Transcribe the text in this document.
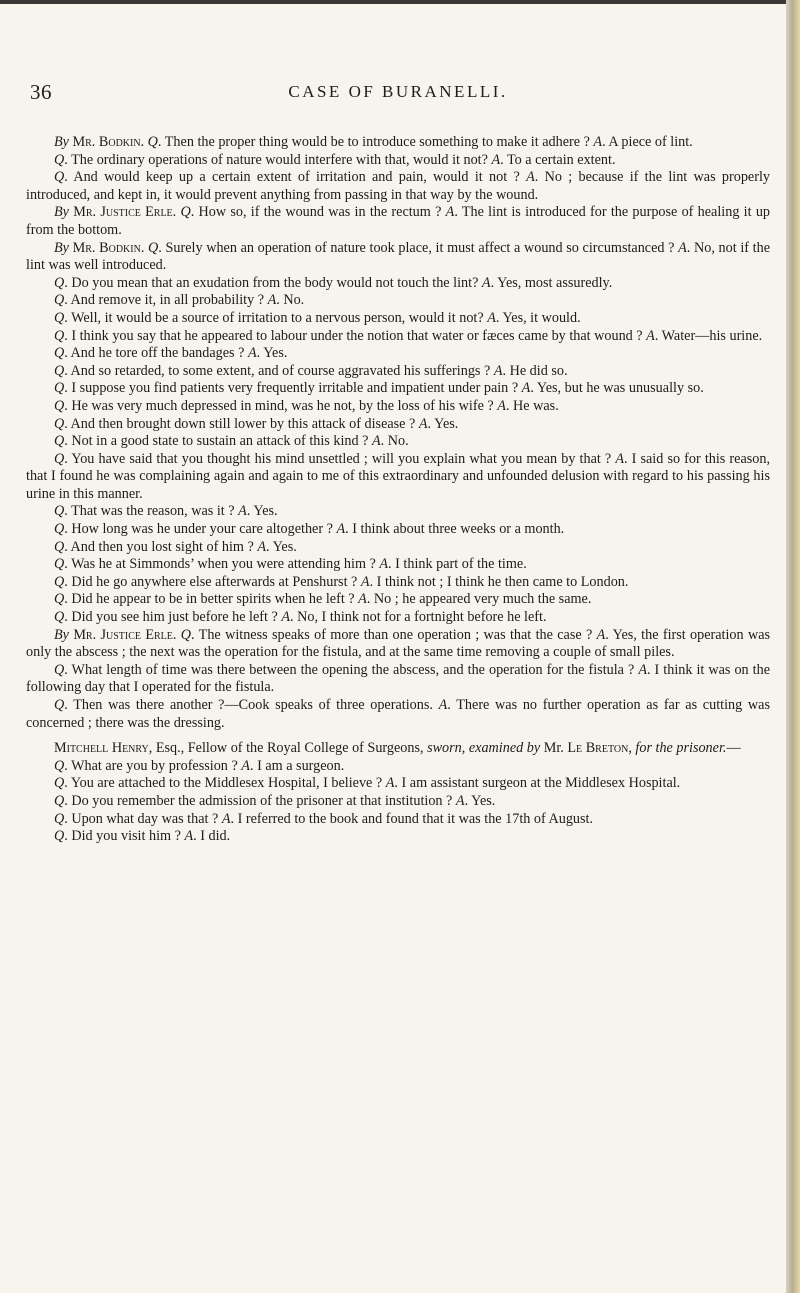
36	CASE OF BURANELLI.

By Mr. Bodkin. Q. Then the proper thing would be to introduce something to make it adhere ? A. A piece of lint.

Q. The ordinary operations of nature would interfere with that, would it not? A. To a certain extent.

Q. And would keep up a certain extent of irritation and pain, would it not ? A. No ; because if the lint was properly introduced, and kept in, it would prevent anything from passing in that way by the wound.

By Mr. Justice Erle. Q. How so, if the wound was in the rectum ? A. The lint is introduced for the purpose of healing it up from the bottom.

By Mr. Bodkin. Q. Surely when an operation of nature took place, it must affect a wound so circumstanced ? A. No, not if the lint was well introduced.

Q. Do you mean that an exudation from the body would not touch the lint? A. Yes, most assuredly.

Q. And remove it, in all probability ? A. No.

Q. Well, it would be a source of irritation to a nervous person, would it not? A. Yes, it would.

Q. I think you say that he appeared to labour under the notion that water or fæces came by that wound ? A. Water—his urine.

Q. And he tore off the bandages ? A. Yes.

Q. And so retarded, to some extent, and of course aggravated his sufferings ? A. He did so.

Q. I suppose you find patients very frequently irritable and impatient under pain ? A. Yes, but he was unusually so.

Q. He was very much depressed in mind, was he not, by the loss of his wife ? A. He was.

Q. And then brought down still lower by this attack of disease ? A. Yes.

Q. Not in a good state to sustain an attack of this kind ? A. No.

Q. You have said that you thought his mind unsettled ; will you explain what you mean by that ? A. I said so for this reason, that I found he was complaining again and again to me of this extraordinary and unfounded delusion with regard to his passing his urine in this manner.

Q. That was the reason, was it ? A. Yes.

Q. How long was he under your care altogether ? A. I think about three weeks or a month.

Q. And then you lost sight of him ? A. Yes.

Q. Was he at Simmonds’ when you were attending him ? A. I think part of the time.

Q. Did he go anywhere else afterwards at Penshurst ? A. I think not ; I think he then came to London.

Q. Did he appear to be in better spirits when he left ? A. No ; he appeared very much the same.

Q. Did you see him just before he left ? A. No, I think not for a fortnight before he left.

By Mr. Justice Erle. Q. The witness speaks of more than one operation ; was that the case ? A. Yes, the first operation was only the abscess ; the next was the operation for the fistula, and at the same time removing a couple of small piles.

Q. What length of time was there between the opening the abscess, and the operation for the fistula ? A. I think it was on the following day that I operated for the fistula.

Q. Then was there another ?—Cook speaks of three operations. A. There was no further operation as far as cutting was concerned ; there was the dressing.

Mitchell Henry, Esq., Fellow of the Royal College of Surgeons, sworn, examined by Mr. Le Breton, for the prisoner.—

Q. What are you by profession ? A. I am a surgeon.

Q. You are attached to the Middlesex Hospital, I believe ? A. I am assistant surgeon at the Middlesex Hospital.

Q. Do you remember the admission of the prisoner at that institution ? A. Yes.

Q. Upon what day was that ? A. I referred to the book and found that it was the 17th of August.

Q. Did you visit him ? A. I did.
